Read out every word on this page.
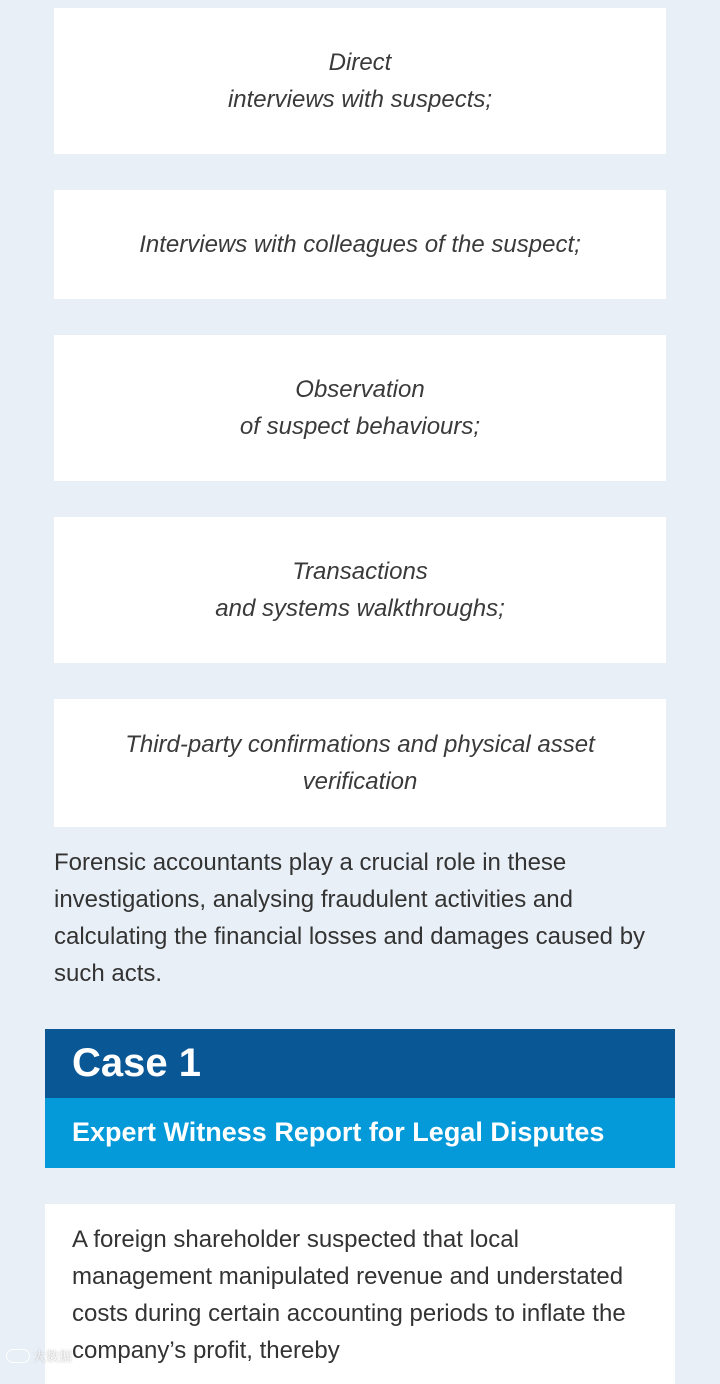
Direct
interviews with suspects;
Interviews with colleagues of the suspect;
Observation
of suspect behaviours;
Transactions
and systems walkthroughs;
Third-party confirmations and physical asset
verification
Forensic accountants play a crucial role in these investigations, analysing fraudulent activities and calculating the financial losses and damages caused by such acts.
Case 1
Expert Witness Report for Legal Disputes
A foreign shareholder suspected that local management manipulated revenue and understated costs during certain accounting periods to inflate the company’s profit, thereby
大数据
